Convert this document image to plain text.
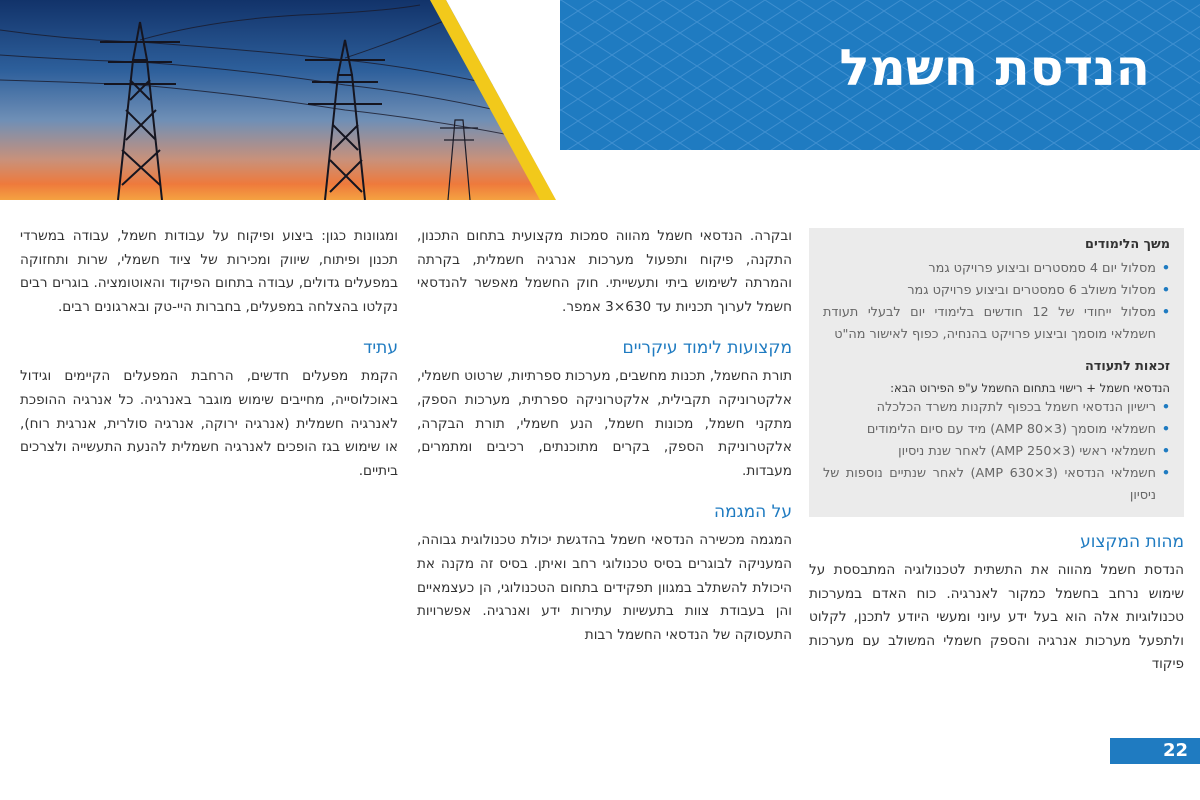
הנדסת חשמל
משך הלימודים
• מסלול יום 4 סמסטרים וביצוע פרויקט גמר
• מסלול משולב 6 סמסטרים וביצוע פרויקט גמר
• מסלול ייחודי של 12 חודשים בלימודי יום לבעלי תעודת חשמלאי מוסמך וביצוע פרויקט בהנחיה, כפוף לאישור מה"ט
זכאות לתעודה
הנדסאי חשמל + רישוי בתחום החשמל ע"פ הפירוט הבא:
• רישיון הנדסאי חשמל בכפוף לתקנות משרד הכלכלה
• חשמלאי מוסמך (AMP 80×3) מיד עם סיום הלימודים
• חשמלאי ראשי (AMP 250×3) לאחר שנת ניסיון
• חשמלאי הנדסאי (AMP 630×3) לאחר שנתיים נוספות של ניסיון
מהות המקצוע

הנדסת חשמל מהווה את התשתית לטכנולוגיה המתבססת על שימוש נרחב בחשמל כמקור לאנרגיה. כוח האדם במערכות טכנולוגיות אלה הוא בעל ידע עיוני ומעשי היודע לתכנן, לקלוט ולתפעל מערכות אנרגיה והספק חשמלי המשולב עם מערכות פיקוד

ובקרה. הנדסאי חשמל מהווה סמכות מקצועית בתחום התכנון, התקנה, פיקוח ותפעול מערכות אנרגיה חשמלית, בקרתה והמרתה לשימוש ביתי ותעשייתי. חוק החשמל מאפשר להנדסאי חשמל לערוך תכניות עד 630×3 אמפר.

מקצועות לימוד עיקריים

תורת החשמל, תכנות מחשבים, מערכות ספרתיות, שרטוט חשמלי, אלקטרוניקה תקבילית, אלקטרוניקה ספרתית, מערכות הספק, מתקני חשמל, מכונות חשמל, הנע חשמלי, תורת הבקרה, אלקטרוניקת הספק, בקרים מתוכנתים, רכיבים ומתמרים, מעבדות.

על המגמה

המגמה מכשירה הנדסאי חשמל בהדגשת יכולת טכנולוגית גבוהה, המעניקה לבוגרים בסיס טכנולוגי רחב ואיתן. בסיס זה מקנה את היכולת להשתלב במגוון תפקידים בתחום הטכנולוגי, הן כעצמאיים והן בעבודת צוות בתעשיות עתירות ידע ואנרגיה. אפשרויות התעסוקה של הנדסאי החשמל רבות

ומגוונות כגון: ביצוע ופיקוח על עבודות חשמל, עבודה במשרדי תכנון ופיתוח, שיווק ומכירות של ציוד חשמלי, שרות ותחזוקה במפעלים גדולים, עבודה בתחום הפיקוד והאוטומציה. בוגרים רבים נקלטו בהצלחה במפעלים, בחברות היי-טק ובארגונים רבים.

עתיד

הקמת מפעלים חדשים, הרחבת המפעלים הקיימים וגידול באוכלוסייה, מחייבים שימוש מוגבר באנרגיה. כל אנרגיה ההופכת לאנרגיה חשמלית (אנרגיה ירוקה, אנרגיה סולרית, אנרגית רוח), או שימוש בגז הופכים לאנרגיה חשמלית להנעת התעשייה ולצרכים ביתיים.

22
